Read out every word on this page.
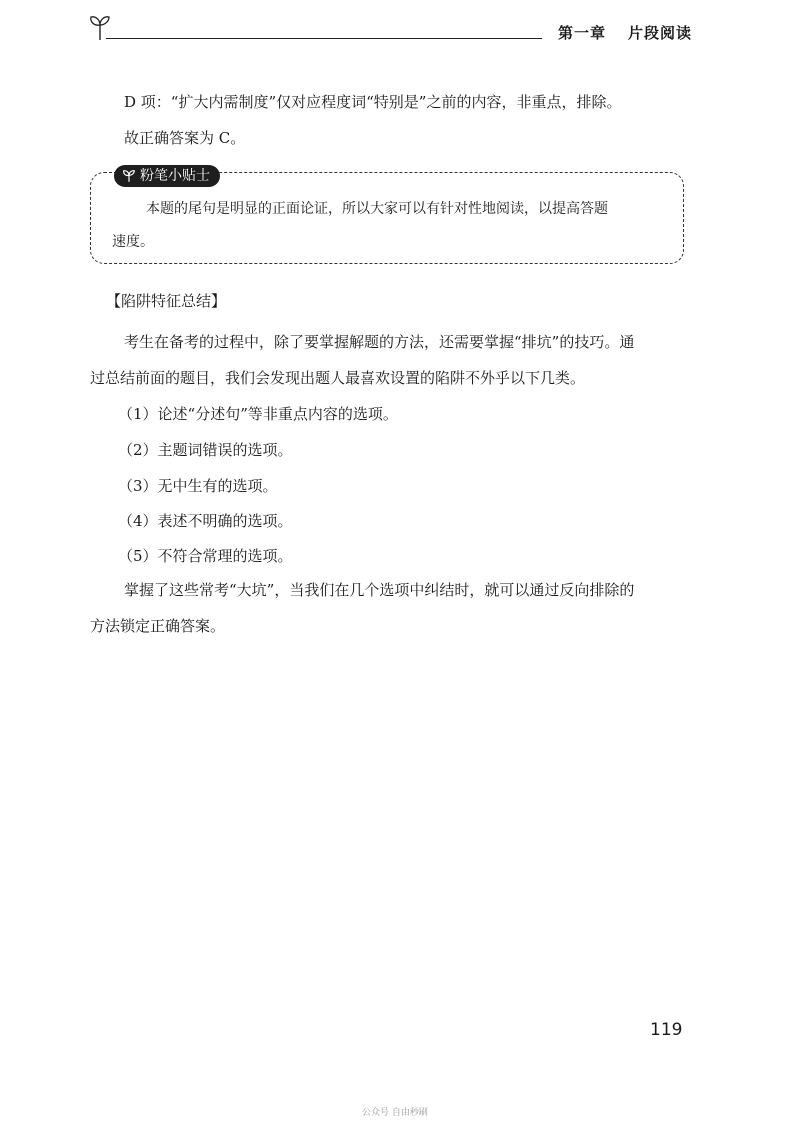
第一章 片段阅读
D 项：“扩大内需制度”仅对应程度词“特别是”之前的内容，非重点，排除。
故正确答案为 C。
粉笔小贴士
本题的尾句是明显的正面论证，所以大家可以有针对性地阅读，以提高答题
速度。
【陷阱特征总结】
考生在备考的过程中，除了要掌握解题的方法，还需要掌握“排坑”的技巧。通
过总结前面的题目，我们会发现出题人最喜欢设置的陷阱不外乎以下几类。
（1）论述“分述句”等非重点内容的选项。
（2）主题词错误的选项。
（3）无中生有的选项。
（4）表述不明确的选项。
（5）不符合常理的选项。
掌握了这些常考“大坑”，当我们在几个选项中纠结时，就可以通过反向排除的
方法锁定正确答案。
119
公众号 自由秒刷
